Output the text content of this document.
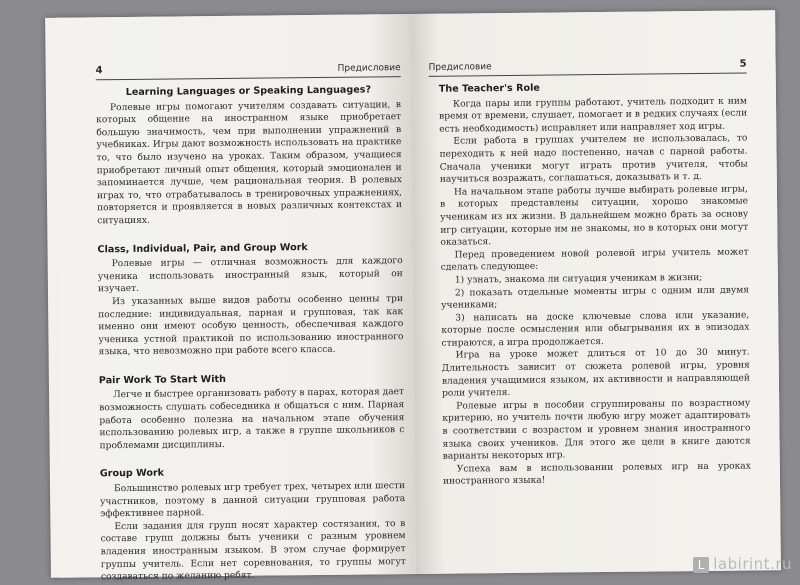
4	Предисловие
Learning Languages or Speaking Languages?

Ролевые игры помогают учителям создавать ситуации, в которых общение на иностранном языке приобретает большую значимость, чем при выполнении упражнений в учебниках. Игры дают возможность использовать на практике то, что было изучено на уроках. Таким образом, учащиеся приобретают личный опыт общения, который эмоционален и запоминается лучше, чем рациональная теория. В ролевых играх то, что отрабатывалось в тренировочных упражнениях, повторяется и проявляется в новых различных контекстах и ситуациях.

Class, Individual, Pair, and Group Work

Ролевые игры — отличная возможность для каждого ученика использовать иностранный язык, который он изучает.

Из указанных выше видов работы особенно ценны три последние: индивидуальная, парная и групповая, так как именно они имеют особую ценность, обеспечивая каждого ученика устной практикой по использованию иностранного языка, что невозможно при работе всего класса.

Pair Work To Start With

Легче и быстрее организовать работу в парах, которая дает возможность слушать собеседника и общаться с ним. Парная работа особенно полезна на начальном этапе обучения использованию ролевых игр, а также в группе школьников с проблемами дисциплины.

Group Work

Большинство ролевых игр требует трех, четырех или шести участников, поэтому в данной ситуации групповая работа эффективнее парной.

Если задания для групп носят характер состязания, то в составе групп должны быть ученики с разным уровнем владения иностранным языком. В этом случае формирует группы учитель. Если нет соревнования, то группы могут создаваться по желанию ребят.

Предисловие	5
The Teacher's Role

Когда пары или группы работают, учитель подходит к ним время от времени, слушает, помогает и в редких случаях (если есть необходимость) исправляет или направляет ход игры.

Если работа в группах учителем не использовалась, то переходить к ней надо постепенно, начав с парной работы. Сначала ученики могут играть против учителя, чтобы научиться возражать, соглашаться, доказывать и т. д.

На начальном этапе работы лучше выбирать ролевые игры, в которых представлены ситуации, хорошо знакомые ученикам из их жизни. В дальнейшем можно брать за основу игр ситуации, которые им не знакомы, но в которых они могут оказаться.

Перед проведением новой ролевой игры учитель может сделать следующее:

1) узнать, знакома ли ситуация ученикам в жизни;

2) показать отдельные моменты игры с одним или двумя учениками;

3) написать на доске ключевые слова или указание, которые после осмысления или обыгрывания их в эпизодах стираются, а игра продолжается.

Игра на уроке может длиться от 10 до 30 минут. Длительность зависит от сюжета ролевой игры, уровня владения учащимися языком, их активности и направляющей роли учителя.

Ролевые игры в пособии сгруппированы по возрастному критерию, но учитель почти любую игру может адаптировать в соответствии с возрастом и уровнем знания иностранного языка своих учеников. Для этого же цели в книге даются варианты некоторых игр.

Успеха вам в использовании ролевых игр на уроках иностранного языка!

L labirint.ru
